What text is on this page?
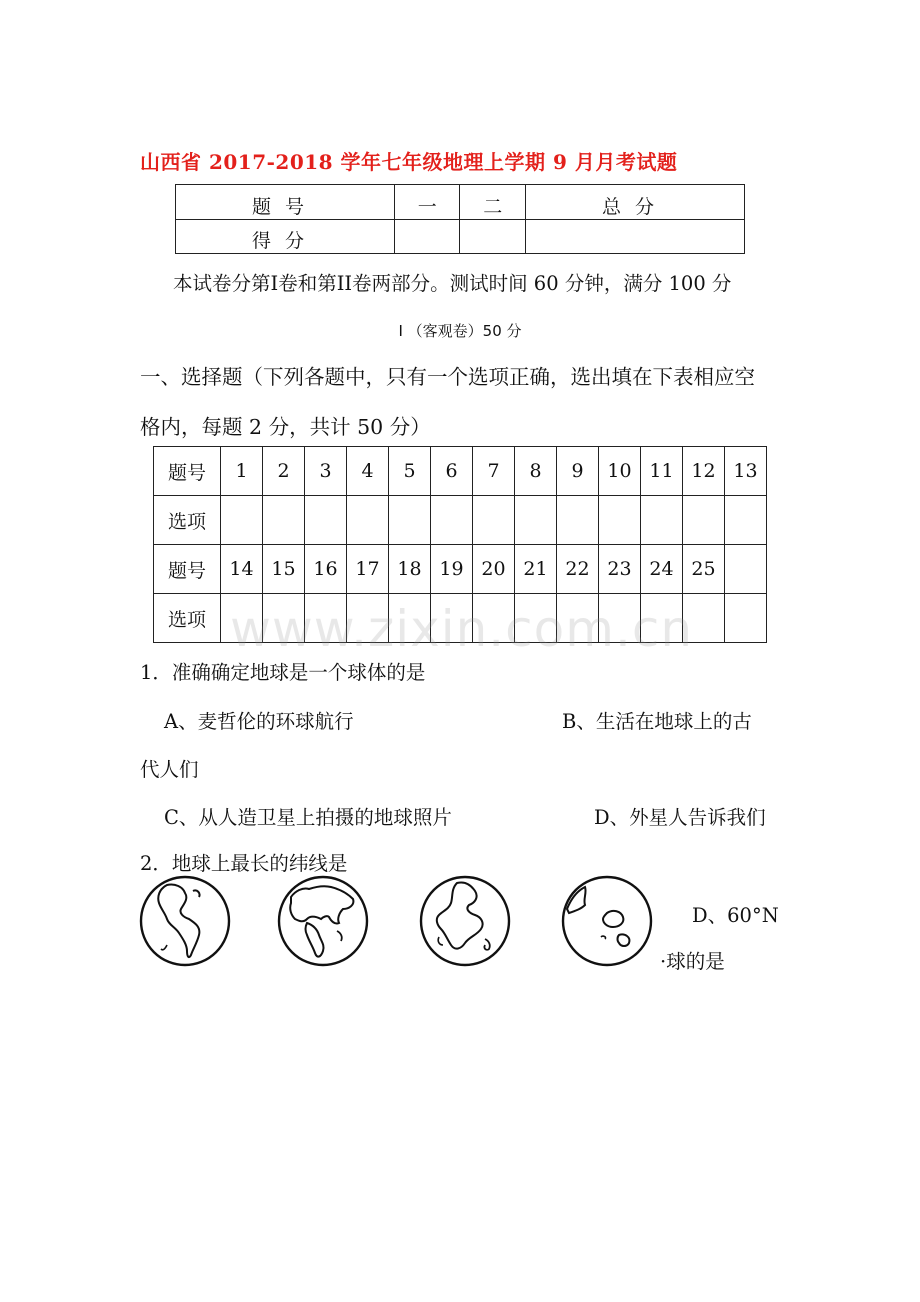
山西省 2017-2018 学年七年级地理上学期 9 月月考试题
题号	一	二	总分
得分			
本试卷分第I卷和第II卷两部分。测试时间 60 分钟，满分 100 分
I （客观卷）50 分
一、选择题（下列各题中，只有一个选项正确，选出填在下表相应空
格内，每题 2 分，共计 50 分）
题号	1	2	3	4	5	6	7	8	9	10	11	12	13
选项													
题号	14	15	16	17	18	19	20	21	22	23	24	25	
选项													www.zixin.com.cn
1．准确确定地球是一个球体的是
A、麦哲伦的环球航行	B、生活在地球上的古
代人们
C、从人造卫星上拍摄的地球照片	D、外星人告诉我们
2．地球上最长的纬线是
D、60°N
·球的是
